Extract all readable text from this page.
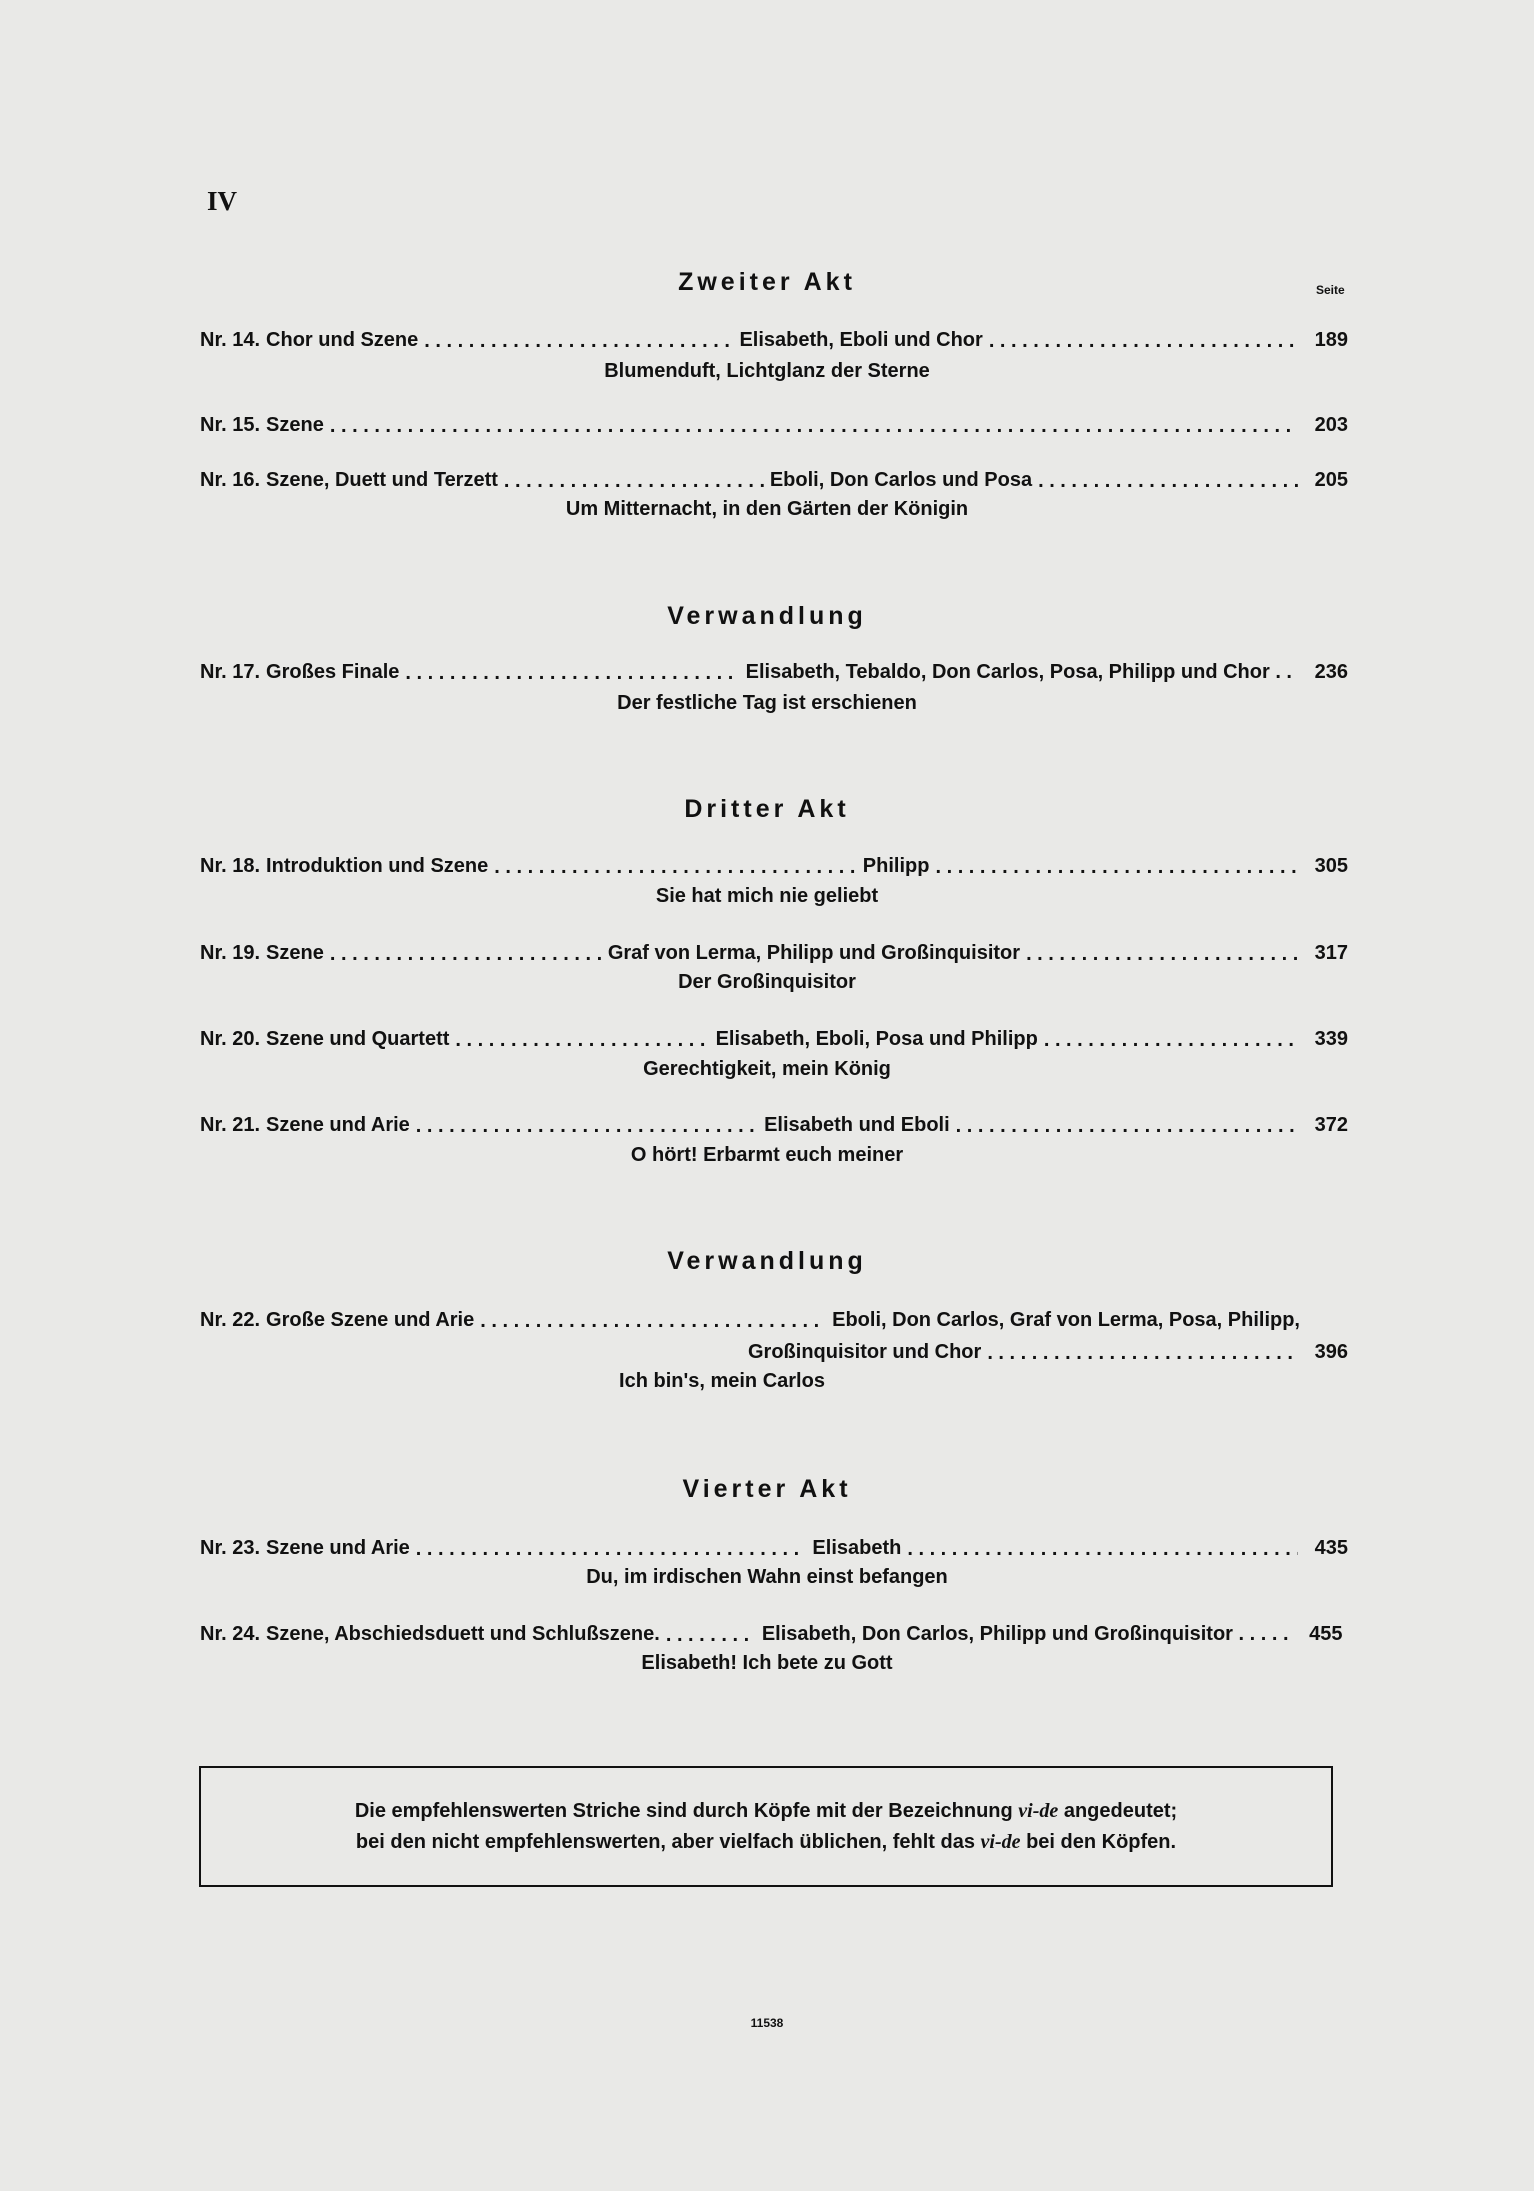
IV
Zweiter Akt	Seite
Nr. 14. Chor und Szene . . .	Elisabeth, Eboli und Chor . . .	189
Blumenduft, Lichtglanz der Sterne
Nr. 15. Szene . . .	203
Nr. 16. Szene, Duett und Terzett . . .	Eboli, Don Carlos und Posa . . .	205
Um Mitternacht, in den Gärten der Königin
Verwandlung
Nr. 17. Großes Finale . . .	Elisabeth, Tebaldo, Don Carlos, Posa, Philipp und Chor . .	236
Der festliche Tag ist erschienen
Dritter Akt
Nr. 18. Introduktion und Szene . . .	Philipp . . .	305
Sie hat mich nie geliebt
Nr. 19. Szene . . .	Graf von Lerma, Philipp und Großinquisitor . . .	317
Der Großinquisitor
Nr. 20. Szene und Quartett . . .	Elisabeth, Eboli, Posa und Philipp . . .	339
Gerechtigkeit, mein König
Nr. 21. Szene und Arie . . .	Elisabeth und Eboli . . .	372
O hört! Erbarmt euch meiner
Verwandlung
Nr. 22. Große Szene und Arie . . .	Eboli, Don Carlos, Graf von Lerma, Posa, Philipp,
Großinquisitor und Chor . . .	396
Ich bin's, mein Carlos
Vierter Akt
Nr. 23. Szene und Arie . . .	Elisabeth . . .	435
Du, im irdischen Wahn einst befangen
Nr. 24. Szene, Abschiedsduett und Schlußszene. . . .	Elisabeth, Don Carlos, Philipp und Großinquisitor . . . . .	455
Elisabeth! Ich bete zu Gott
Die empfehlenswerten Striche sind durch Köpfe mit der Bezeichnung vi-de angedeutet;
bei den nicht empfehlenswerten, aber vielfach üblichen, fehlt das vi-de bei den Köpfen.
11538
